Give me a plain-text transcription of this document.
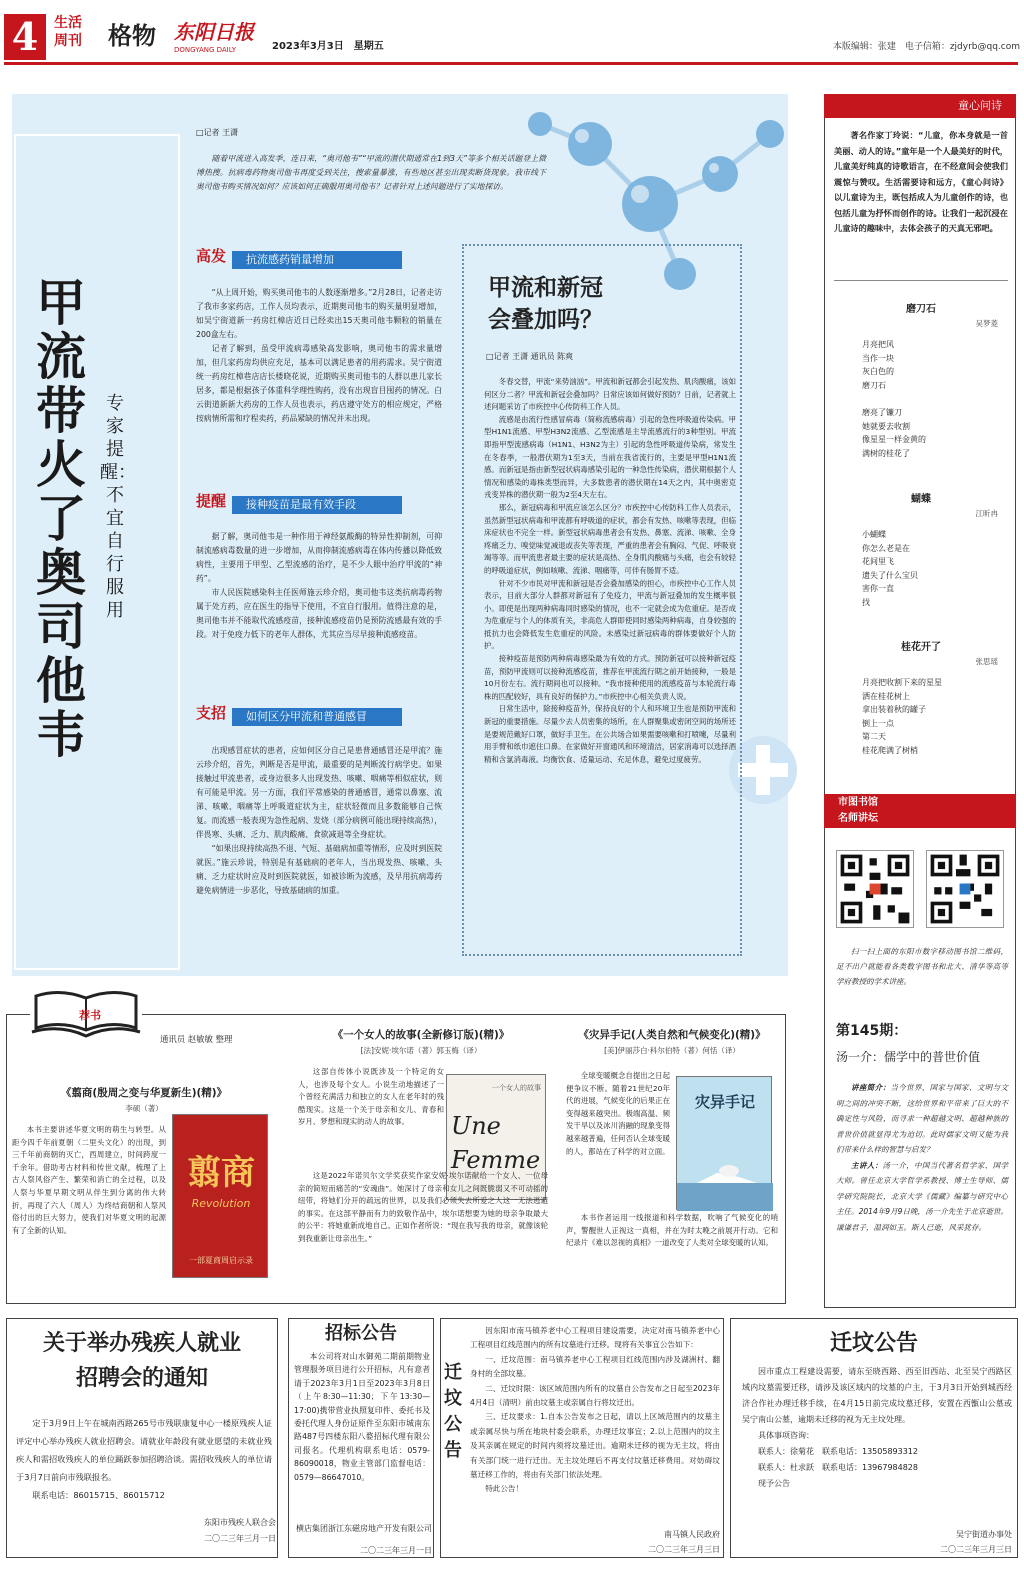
4	生活
周刊	格物 东阳日报
DONGYANG DAILY	2023年3月3日　星期五	本版编辑：张建　电子信箱：zjdyrb@qq.com
甲流带火了奥司他韦
专家提醒：不宜自行服用
□记者 王潇

随着甲流进入高发季，连日来，“奥司他韦”“甲流的潜伏期通常在1到3天”等多个相关话题登上微博热搜。抗病毒药物奥司他韦再度受到关注，搜索量暴涨，有些地区甚至出现卖断货现象。我市线下奥司他韦购买情况如何？应该如何正确服用奥司他韦？记者针对上述问题进行了实地探访。

高发	抗流感药销量增加

“从上周开始，购买奥司他韦的人数逐渐增多。”2月28日，记者走访了我市多家药店，工作人员均表示，近期奥司他韦的购买量明显增加，如吴宁街道新一药房红樟店近日已经卖出15天奥司他韦颗粒的销量在200盒左右。

记者了解到，虽受甲流病毒感染高发影响，奥司他韦的需求量增加，但几家药房均供应充足，基本可以满足患者的用药需求。吴宁街道统一药房红樟巷店店长楼晓花说，近期购买奥司他韦的人群以患儿家长居多，都是根据孩子体重科学理性购药，没有出现盲目囤药的情况。白云街道新新大药房的工作人员也表示，药店遵守处方的相应规定，严格按病情所需和疗程卖药，药品紧缺的情况并未出现。

提醒	接种疫苗是最有效手段

据了解，奥司他韦是一种作用于神经氨酸酶的特异性抑制剂，可抑制流感病毒数量的进一步增加，从而抑制流感病毒在体内传播以降低致病性，主要用于甲型、乙型流感的治疗，是不少人眼中治疗甲流的“神药”。

市人民医院感染科主任医师施云珍介绍，奥司他韦这类抗病毒药物属于处方药，应在医生的指导下使用，不宜自行服用。值得注意的是，奥司他韦并不能取代流感疫苗，接种流感疫苗仍是预防流感最有效的手段。对于免疫力低下的老年人群体，尤其应当尽早接种流感疫苗。

支招	如何区分甲流和普通感冒

出现感冒症状的患者，应如何区分自己是患普通感冒还是甲流？施云珍介绍，首先，判断是否是甲流，最重要的是判断流行病学史。如果接触过甲流患者，或身边很多人出现发热、咳嗽、咽痛等相似症状，则有可能是甲流。另一方面，我们平常感染的普通感冒，通常以鼻塞、流涕、咳嗽、咽痛等上呼吸道症状为主，症状轻微而且多数能够自己恢复。而流感一般表现为急性起病、发烧（部分病例可能出现持续高热），伴畏寒、头痛、乏力、肌肉酸痛、食欲减退等全身症状。

“如果出现持续高热不退、气短、基础病加重等情形，应及时到医院就医。”施云珍说，特别是有基础病的老年人，当出现发热、咳嗽、头痛、乏力症状时应及时到医院就医，如被诊断为流感，及早用抗病毒药避免病情进一步恶化，导致基础病的加重。

甲流和新冠
会叠加吗？
□记者 王潇 通讯员 陈爽

冬春交替，甲流“来势汹汹”。甲流和新冠都会引起发热、肌肉酸痛，该如何区分二者？甲流和新冠会叠加吗？日常应该如何做好预防？日前，记者就上述问题采访了市疾控中心传防科工作人员。

流感是由流行性感冒病毒（简称流感病毒）引起的急性呼吸道传染病。甲型H1N1流感、甲型H3N2流感、乙型流感是主导流感流行的3种型别。甲流即指甲型流感病毒（H1N1、H3N2为主）引起的急性呼吸道传染病，常发生在冬春季，一般潜伏期为1至3天，当前在我省流行的，主要是甲型H1N1流感。而新冠是指由新型冠状病毒感染引起的一种急性传染病，潜伏期根据个人情况和感染的毒株类型而异，大多数患者的潜伏期在14天之内，其中奥密克戎变异株的潜伏期一般为2至4天左右。

那么，新冠病毒和甲流应该怎么区分？市疾控中心传防科工作人员表示，虽然新型冠状病毒和甲流都有呼吸道的症状，都会有发热、咳嗽等表现，但临床症状也不完全一样。新型冠状病毒患者会有发热、鼻塞、流涕、咳嗽、全身疼痛乏力、嗅觉味觉减退或丧失等表现，严重的患者会有胸闷、气促、呼吸衰竭等等。而甲流患者最主要的症状是高热、全身肌肉酸痛与头痛，也会有较轻的呼吸道症状，例如咳嗽、流涕、咽痛等，可伴有肠胃不适。

针对不少市民对甲流和新冠是否会叠加感染的担心，市疾控中心工作人员表示，目前大部分人群都对新冠有了免疫力，甲流与新冠叠加的发生概率很小。即使是出现两种病毒同时感染的情况，也不一定就会成为危重症。是否成为危重症与个人的体质有关，非高危人群即使同时感染两种病毒，自身较强的抵抗力也会降低发生危重症的风险。未感染过新冠病毒的群体要做好个人防护。

接种疫苗是预防两种病毒感染最为有效的方式。预防新冠可以接种新冠疫苗，预防甲流则可以接种流感疫苗，推荐在甲流流行期之前开始接种，一般是10月份左右。流行期间也可以接种。“我市接种使用的流感疫苗与本轮流行毒株的匹配较好，具有良好的保护力。”市疾控中心相关负责人说。

日常生活中，除接种疫苗外，保持良好的个人和环境卫生也是预防甲流和新冠的重要措施。尽量少去人员密集的场所，在人群聚集或密闭空间的场所还是要规范戴好口罩，做好手卫生。在公共场合如果需要咳嗽和打喷嚏，尽量利用手臂和纸巾遮住口鼻。在家做好开窗通风和环境清洁，居家消毒可以选择酒精和含氯消毒液。均衡饮食、适量运动、充足休息，避免过度疲劳。

童心问诗

著名作家丁玲说：“儿童，你本身就是一首美丽、动人的诗。”童年是一个人最美好的时代，儿童美好纯真的诗歌语言，在不经意间会使我们震惊与赞叹。生活需要诗和远方，《童心问诗》以儿童诗为主，既包括成人为儿童创作的诗，也包括儿童为抒怀而创作的诗。让我们一起沉浸在儿童诗的趣味中，去体会孩子的天真无邪吧。

磨刀石
吴梦菱
月亮把风
当作一块
灰白色的
磨刀石
磨亮了镰刀
她就要去收割
像星星一样金黄的
满树的桂花了
蝴蝶
江昕冉
小蝴蝶
你怎么老是在
花间里飞
遗失了什么宝贝
害你一直
找
桂花开了
张思瑶
月亮把收割下来的星星
洒在桂花树上
拿出装着秋的罐子
倒上一点
第二天
桂花爬满了树梢
市图书馆
名师讲坛

扫一扫上面的东阳市数字移动图书馆二维码，足不出户就能看各类数字图书和北大、清华等高等学府教授的学术讲座。

第145期：
汤一介：儒学中的普世价值

讲座简介：当今世界，国家与国家、文明与文明之间的冲突不断，这给世界和平带来了巨大的不确定性与风险，而寻求一种超越文明、超越种族的普世价值就显得尤为迫切。此时儒家文明又能为我们带来什么样的智慧与启发？

主讲人：汤一介，中国当代著名哲学家、国学大师。曾任北京大学哲学系教授、博士生导师、儒学研究院院长，北京大学《儒藏》编纂与研究中心主任。2014年9月9日晚，汤一介先生于北京逝世。谦谦君子，温润如玉。斯人已逝，风采犹存。

荐书
通讯员 赵敏敏 整理
《翦商(殷周之变与华夏新生)(精)》
李硕（著）

本书主要讲述华夏文明的萌生与转型。从距今四千年前夏朝（二里头文化）的出现，到三千年前商朝的灭亡，西周建立，时间跨度一千余年。借助考古材料和传世文献，梳理了上古人祭风俗产生、繁荣和消亡的全过程，以及人祭与华夏早期文明从伴生到分离的伟大转折，再现了六人（周人）为终结商朝和人祭风俗付出的巨大努力，使我们对华夏文明的起源有了全新的认知。

翦商
Revolution
一部夏商周启示录
《一个女人的故事(全新修订版)(精)》
[法]安妮·埃尔诺（著）郭玉梅（译）

这部自传体小说既涉及一个特定的女人，也涉及每个女人。小说生动地描述了一个曾经充满活力和独立的女人在老年时的残酷现实。这是一个关于母亲和女儿、青春和岁月、梦想和现实的动人的故事。

一个女人的故事
Une Femme

这是2022年诺贝尔文学奖获奖作家安妮·埃尔诺献给一个女人、一位母亲的简短而痛苦的“安魂曲”。她深讨了母亲和女儿之间既脆弱又不可动摇的纽带，将她们分开的疏远的世界，以及我们必须失去所爱之人这一无法逃避的事实。在这部平静而有力的致敬作品中，埃尔诺想要为她的母亲争取最大的公平：将她重新成地自己。正如作者所说：“现在我写我的母亲，就像该轮到我重新让母亲出生。”

《灾异手记(人类自然和气候变化)(精)》
[美]伊丽莎白·科尔伯特（著）何恬（译）

全球变暖概念自提出之日起便争议不断。随着21世纪20年代的进展，气候变化的后果正在变得越来越突出。极端高温、频发干旱以及冰川消融的现象变得越来越普遍，任何否认全球变暖的人，都站在了科学的对立面。

灾异手记

本书作者运用一线报道和科学数据，吹响了气候变化的哨声，警醒世人正视这一真相，并在为时太晚之前展开行动。它和纪录片《难以忽视的真相》一道改变了人类对全球变暖的认知。

关于举办残疾人就业
招聘会的通知

定于3月9日上午在城南西路265号市残联康复中心一楼原残疾人证评定中心举办残疾人就业招聘会。请就业年龄段有就业愿望的未就业残疾人和需招收残疾人的单位踊跃参加招聘洽谈。需招收残疾人的单位请于3月7日前向市残联报名。

联系电话：86015715、86015712

东阳市残疾人联合会
二〇二三年三月一日
招标公告

本公司将对山水御苑二期前期物业管理服务项目进行公开招标，凡有意者请于2023年3月1日至2023年3月8日（上午8:30—11:30；下午13:30—17:00)携带营业执照复印件、委托书及委托代理人身份证原件至东阳市城南东路487号四楼东阳八婺招标代理有限公司报名。代理机构联系电话：0579-86090018，物业主管部门监督电话：0579—86647010。

横店集团浙江东磁房地产开发有限公司
二〇二三年三月一日
迁坟公告

因东阳市南马镇养老中心工程项目建设需要，决定对南马镇养老中心工程项目红线范围内的所有坟墓进行迁移。现将有关事宜公告如下：

一、迁坟范围：南马镇养老中心工程项目红线范围内涉及湖洲村、翻身村的全部坟墓。

二、迁坟时限：该区域范围内所有的坟墓自公告发布之日起至2023年4月4日（清明）前由坟墓主或亲属自行将坟迁出。

三、迁坟要求：1.自本公告发布之日起，请以上区域范围内的坟墓主或亲属尽快与所在地块村委会联系，办理迁坟事宜；2.以上范围内的坟主及其亲属在规定的时间内须将坟墓迁出。逾期未迁移的视为无主坟，将由有关部门统一进行迁出。无主坟处理后不再支付坟墓迁移费用。对妨碍坟墓迁移工作的，将由有关部门依法处理。

特此公告！

南马镇人民政府
二〇二三年三月三日
迁坟公告

因市重点工程建设需要，请东至晓西路、西至旧西站、北至吴宁西路区域内坟墓需要迁移，请涉及该区域内的坟墓的户主，于3月3日开始到城西经济合作社办理迁移手续，在4月15日前完成坟墓迁移，安置在西甑山公墓或吴宁南山公墓，逾期未迁移的视为无主坟处理。

具体事项咨询：

联系人：徐菊花　联系电话：13505893312

联系人：杜求跃　联系电话：13967984828

现予公告

吴宁街道办事处
二〇二三年三月三日
